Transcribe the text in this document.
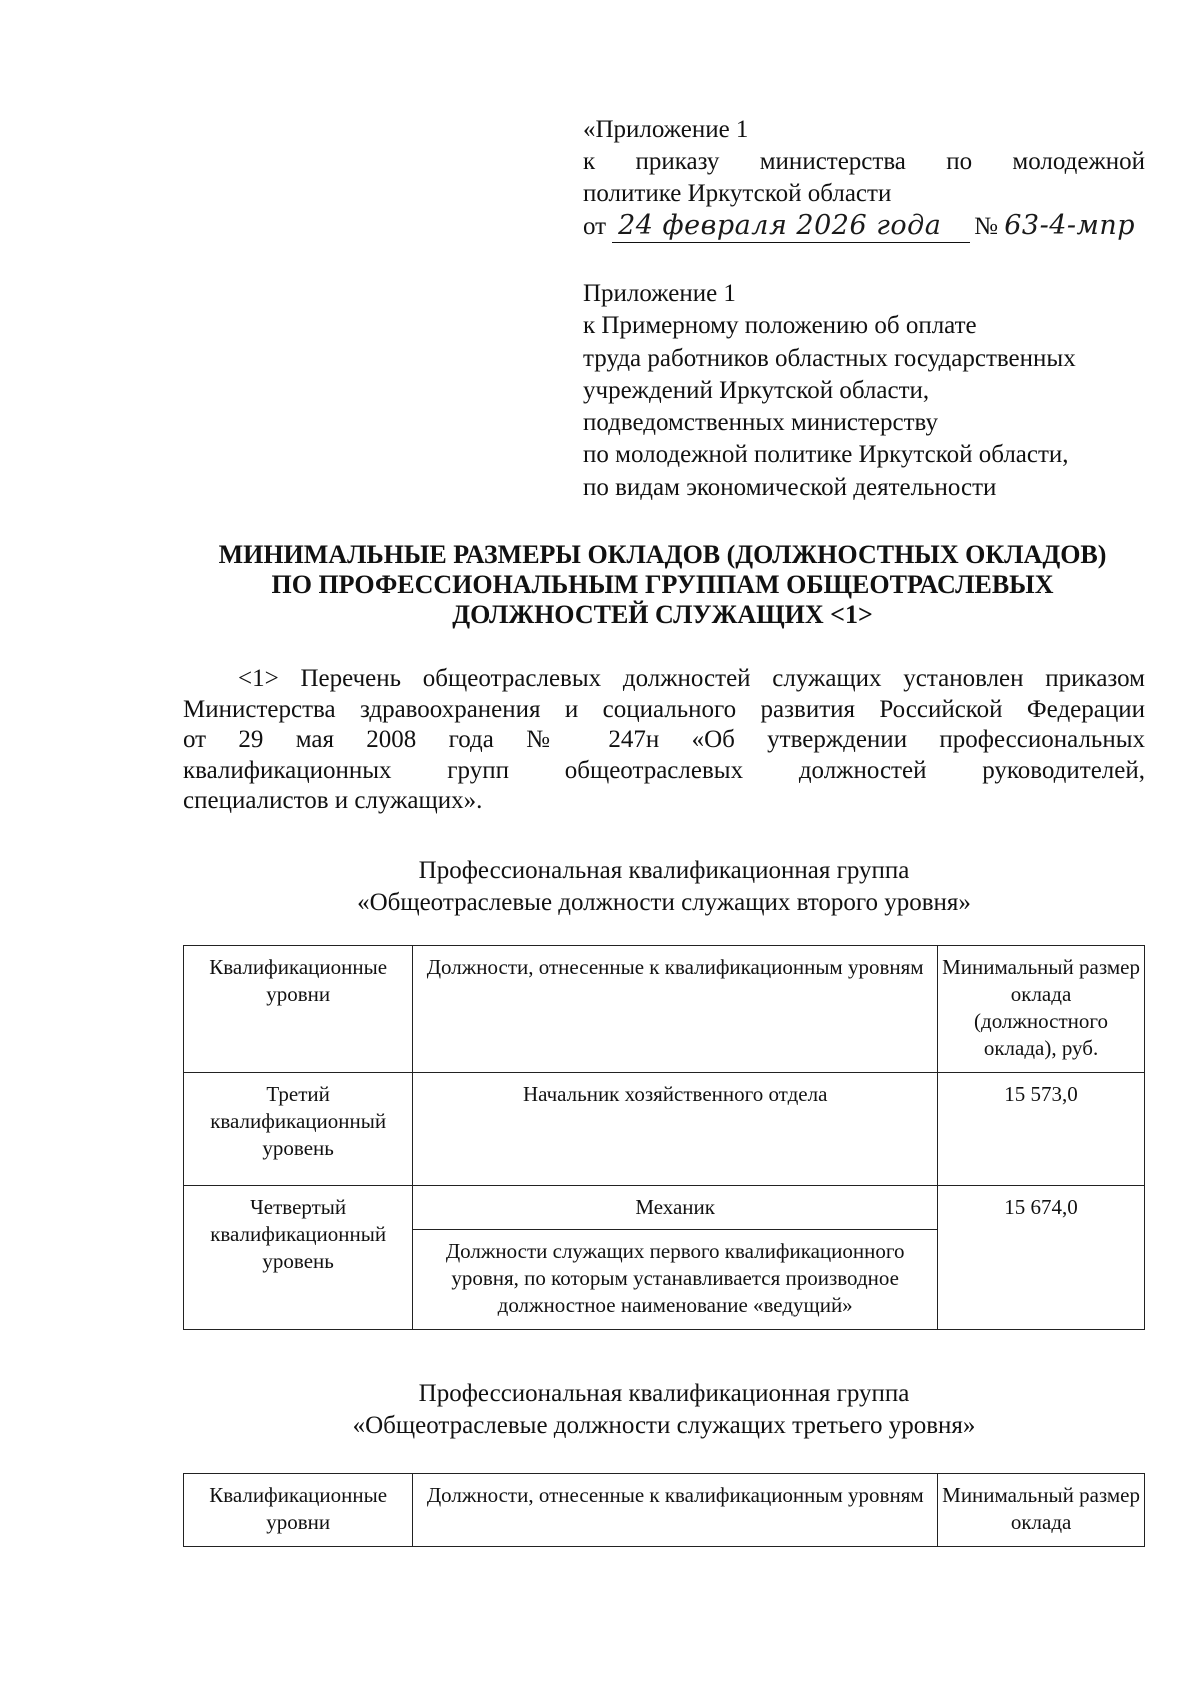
«Приложение 1
к приказу министерства по молодежной
политике Иркутской области
от 24 февраля 2026 года № 63-4-мпр
Приложение 1
к Примерному положению об оплате
труда работников областных государственных
учреждений Иркутской области,
подведомственных министерству
по молодежной политике Иркутской области,
по видам экономической деятельности
МИНИМАЛЬНЫЕ РАЗМЕРЫ ОКЛАДОВ (ДОЛЖНОСТНЫХ ОКЛАДОВ)
ПО ПРОФЕССИОНАЛЬНЫМ ГРУППАМ ОБЩЕОТРАСЛЕВЫХ
ДОЛЖНОСТЕЙ СЛУЖАЩИХ <1>
<1> Перечень общеотраслевых должностей служащих установлен приказом
Министерства здравоохранения и социального развития Российской Федерации
от 29 мая 2008 года № 247н «Об утверждении профессиональных
квалификационных групп общеотраслевых должностей руководителей,
специалистов и служащих».
Профессиональная квалификационная группа
«Общеотраслевые должности служащих второго уровня»
Квалификационные уровни	Должности, отнесенные к квалификационным уровням	Минимальный размер оклада (должностного оклада), руб.
Третий квалификационный уровень	Начальник хозяйственного отдела	15 573,0
Четвертый квалификационный уровень	Механик	15 674,0
	Должности служащих первого квалификационного уровня, по которым устанавливается производное должностное наименование «ведущий»	
Профессиональная квалификационная группа
«Общеотраслевые должности служащих третьего уровня»
Квалификационные уровни	Должности, отнесенные к квалификационным уровням	Минимальный размер оклада
